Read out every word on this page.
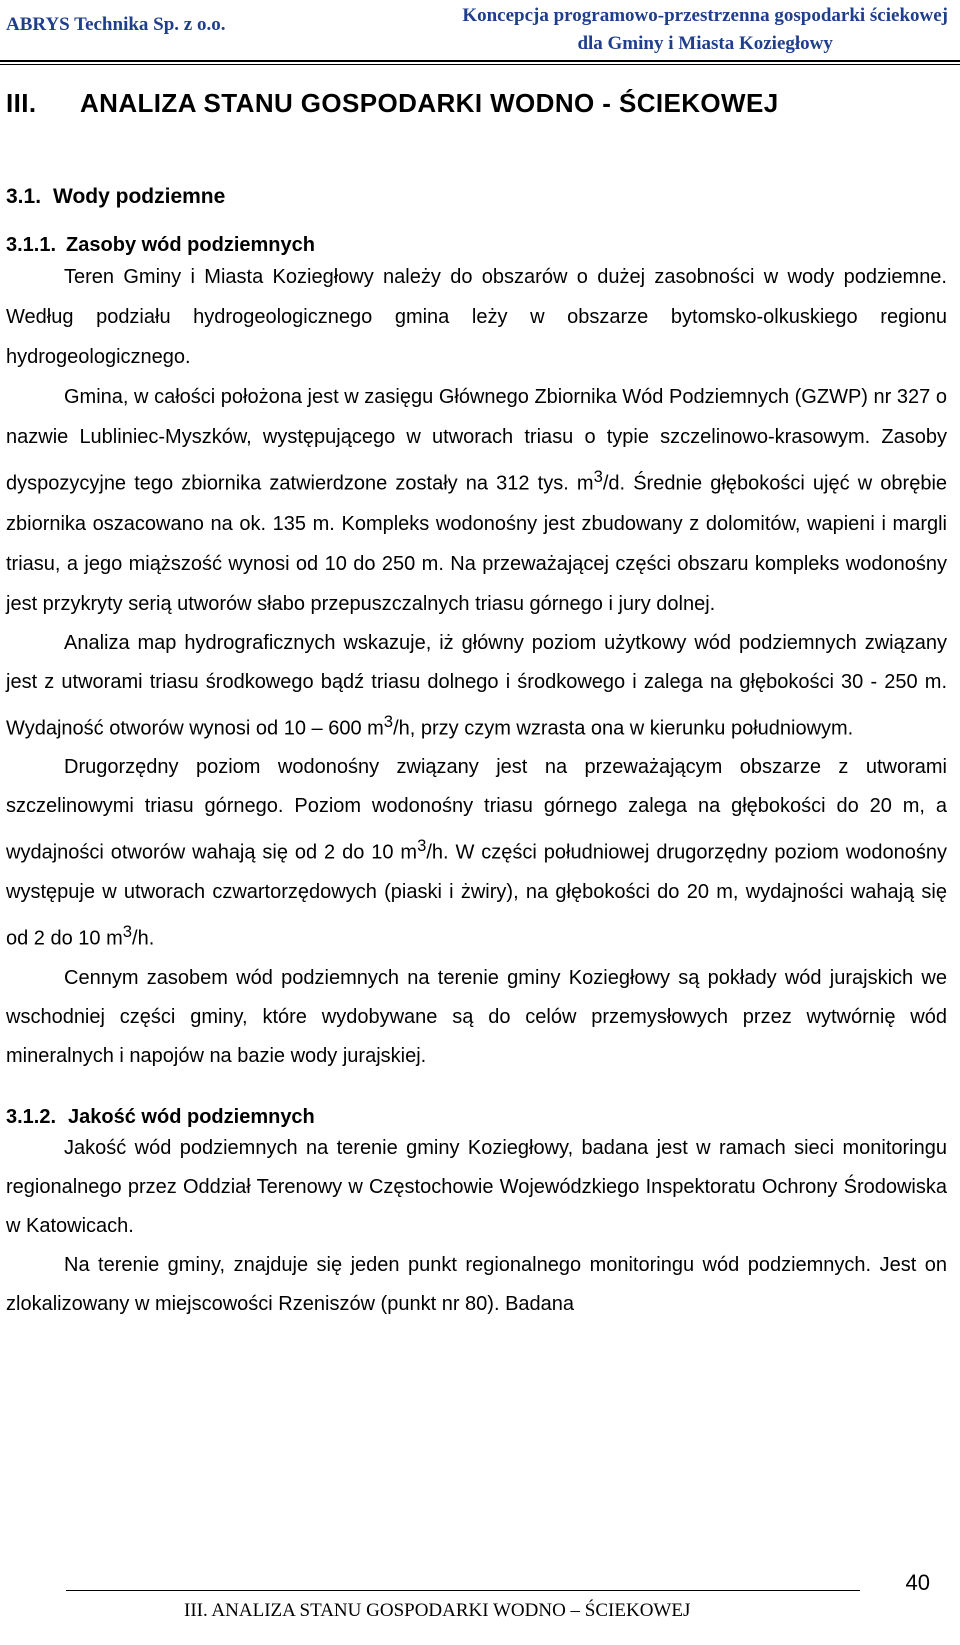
ABRYS Technika Sp. z o.o.	Koncepcja programowo-przestrzenna gospodarki ściekowej
dla Gminy i Miasta Koziegłowy
III. ANALIZA STANU GOSPODARKI WODNO - ŚCIEKOWEJ
3.1. Wody podziemne
3.1.1. Zasoby wód podziemnych

Teren Gminy i Miasta Koziegłowy należy do obszarów o dużej zasobności w wody podziemne. Według podziału hydrogeologicznego gmina leży w obszarze bytomsko-olkuskiego regionu hydrogeologicznego.

Gmina, w całości położona jest w zasięgu Głównego Zbiornika Wód Podziemnych (GZWP) nr 327 o nazwie Lubliniec-Myszków, występującego w utworach triasu o typie szczelinowo-krasowym. Zasoby dyspozycyjne tego zbiornika zatwierdzone zostały na 312 tys. $m^3/d$. Średnie głębokości ujęć w obrębie zbiornika oszacowano na ok. 135 m. Kompleks wodonośny jest zbudowany z dolomitów, wapieni i margli triasu, a jego miąższość wynosi od 10 do 250 m. Na przeważającej części obszaru kompleks wodonośny jest przykryty serią utworów słabo przepuszczalnych triasu górnego i jury dolnej.

Analiza map hydrograficznych wskazuje, iż główny poziom użytkowy wód podziemnych związany jest z utworami triasu środkowego bądź triasu dolnego i środkowego i zalega na głębokości 30 - 250 m. Wydajność otworów wynosi od 10 – 600 $m^3/h$, przy czym wzrasta ona w kierunku południowym.

Drugorzędny poziom wodonośny związany jest na przeważającym obszarze z utworami szczelinowymi triasu górnego. Poziom wodonośny triasu górnego zalega na głębokości do 20 m, a wydajności otworów wahają się od 2 do 10 $m^3/h$. W części południowej drugorzędny poziom wodonośny występuje w utworach czwartorzędowych (piaski i żwiry), na głębokości do 20 m, wydajności wahają się od 2 do 10 $m^3/h$.

Cennym zasobem wód podziemnych na terenie gminy Koziegłowy są pokłady wód jurajskich we wschodniej części gminy, które wydobywane są do celów przemysłowych przez wytwórnię wód mineralnych i napojów na bazie wody jurajskiej.

3.1.2. Jakość wód podziemnych

Jakość wód podziemnych na terenie gminy Koziegłowy, badana jest w ramach sieci monitoringu regionalnego przez Oddział Terenowy w Częstochowie Wojewódzkiego Inspektoratu Ochrony Środowiska w Katowicach.

Na terenie gminy, znajduje się jeden punkt regionalnego monitoringu wód podziemnych. Jest on zlokalizowany w miejscowości Rzeniszów (punkt nr 80). Badana

III. ANALIZA STANU GOSPODARKI WODNO – ŚCIEKOWEJ
40
